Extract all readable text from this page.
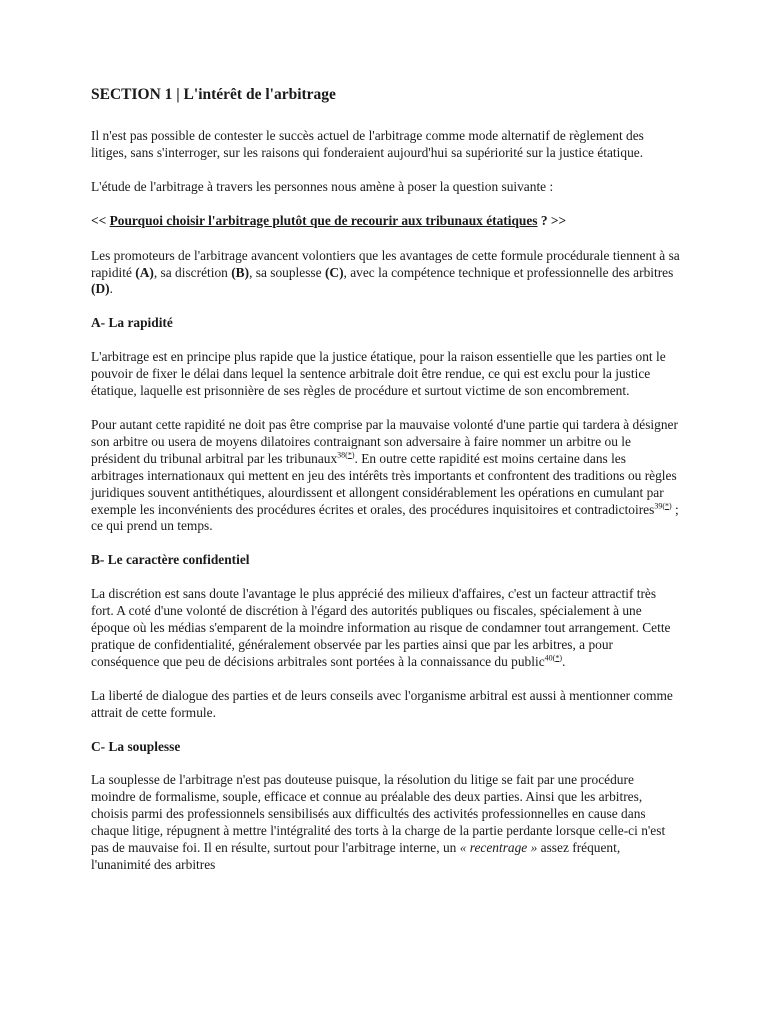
SECTION 1 | L'intérêt de l'arbitrage

Il n'est pas possible de contester le succès actuel de l'arbitrage comme mode alternatif de règlement des litiges, sans s'interroger, sur les raisons qui fonderaient aujourd'hui sa supériorité sur la justice étatique.

L'étude de l'arbitrage à travers les personnes nous amène à poser la question suivante :

<< Pourquoi choisir l'arbitrage plutôt que de recourir aux tribunaux étatiques ? >>

Les promoteurs de l'arbitrage avancent volontiers que les avantages de cette formule procédurale tiennent à sa rapidité (A), sa discrétion (B), sa souplesse (C), avec la compétence technique et professionnelle des arbitres (D).

A- La rapidité

L'arbitrage est en principe plus rapide que la justice étatique, pour la raison essentielle que les parties ont le pouvoir de fixer le délai dans lequel la sentence arbitrale doit être rendue, ce qui est exclu pour la justice étatique, laquelle est prisonnière de ses règles de procédure et surtout victime de son encombrement.

Pour autant cette rapidité ne doit pas être comprise par la mauvaise volonté d'une partie qui tardera à désigner son arbitre ou usera de moyens dilatoires contraignant son adversaire à faire nommer un arbitre ou le président du tribunal arbitral par les tribunaux$^{38(*)}$. En outre cette rapidité est moins certaine dans les arbitrages internationaux qui mettent en jeu des intérêts très importants et confrontent des traditions ou règles juridiques souvent antithétiques, alourdissent et allongent considérablement les opérations en cumulant par exemple les inconvénients des procédures écrites et orales, des procédures inquisitoires et contradictoires$^{39(*)}$ ; ce qui prend un temps.

B- Le caractère confidentiel

La discrétion est sans doute l'avantage le plus apprécié des milieux d'affaires, c'est un facteur attractif très fort. A coté d'une volonté de discrétion à l'égard des autorités publiques ou fiscales, spécialement à une époque où les médias s'emparent de la moindre information au risque de condamner tout arrangement. Cette pratique de confidentialité, généralement observée par les parties ainsi que par les arbitres, a pour conséquence que peu de décisions arbitrales sont portées à la connaissance du public$^{40(*)}$.

La liberté de dialogue des parties et de leurs conseils avec l'organisme arbitral est aussi à mentionner comme attrait de cette formule.

C- La souplesse

La souplesse de l'arbitrage n'est pas douteuse puisque, la résolution du litige se fait par une procédure moindre de formalisme, souple, efficace et connue au préalable des deux parties. Ainsi que les arbitres, choisis parmi des professionnels sensibilisés aux difficultés des activités professionnelles en cause dans chaque litige, répugnent à mettre l'intégralité des torts à la charge de la partie perdante lorsque celle-ci n'est pas de mauvaise foi. Il en résulte, surtout pour l'arbitrage interne, un « recentrage » assez fréquent, l'unanimité des arbitres
